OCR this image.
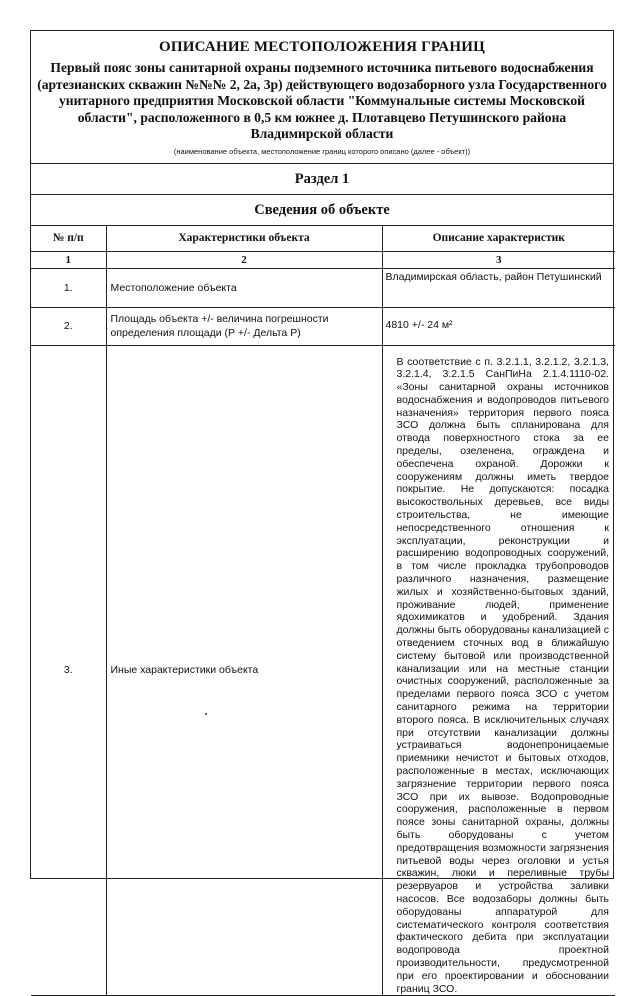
ОПИСАНИЕ МЕСТОПОЛОЖЕНИЯ ГРАНИЦ
Первый пояс зоны санитарной охраны подземного источника питьевого водоснабжения (артезианских скважин №№№ 2, 2а, 3р) действующего водозаборного узла Государственного унитарного предприятия Московской области "Коммунальные системы Московской области", расположенного в 0,5 км южнее д. Плотавцево Петушинского района Владимирской области
(наименование объекта, местоположение границ которого описано (далее - объект))
Раздел 1
Сведения об объекте
№ п/п	Характеристики объекта	Описание характеристик
1	2	3
1.	Местоположение объекта	Владимирская область, район Петушинский
2.	Площадь объекта +/- величина погрешности определения площади (Р +/- Дельта Р)	4810 +/- 24 м²
3.	Иные характеристики объекта	В соответствие с п. 3.2.1.1, 3.2.1.2, 3.2.1.3, 3.2.1.4, 3.2.1.5 СанПиНа 2.1.4.1110-02. «Зоны санитарной охраны источников водоснабжения и водопроводов питьевого назначения» территория первого пояса ЗСО должна быть спланирована для отвода поверхностного стока за ее пределы, озеленена, ограждена и обеспечена охраной. Дорожки к сооружениям должны иметь твердое покрытие. Не допускаются: посадка высокоствольных деревьев, все виды строительства, не имеющие непосредственного отношения к эксплуатации, реконструкции и расширению водопроводных сооружений, в том числе прокладка трубопроводов различного назначения, размещение жилых и хозяйственно-бытовых зданий, проживание людей, применение ядохимикатов и удобрений. Здания должны быть оборудованы канализацией с отведением сточных вод в ближайшую систему бытовой или производственной канализации или на местные станции очистных сооружений, расположенные за пределами первого пояса ЗСО с учетом санитарного режима на территории второго пояса. В исключительных случаях при отсутствии канализации должны устраиваться водонепроницаемые приемники нечистот и бытовых отходов, расположенные в местах, исключающих загрязнение территории первого пояса ЗСО при их вывозе. Водопроводные сооружения, расположенные в первом поясе зоны санитарной охраны, должны быть оборудованы с учетом предотвращения возможности загрязнения питьевой воды через оголовки и устья скважин, люки и переливные трубы резервуаров и устройства заливки насосов. Все водозаборы должны быть оборудованы аппаратурой для систематического контроля соответствия фактического дебита при эксплуатации водопровода проектной производительности, предусмотренной при его проектировании и обосновании границ ЗСО.
